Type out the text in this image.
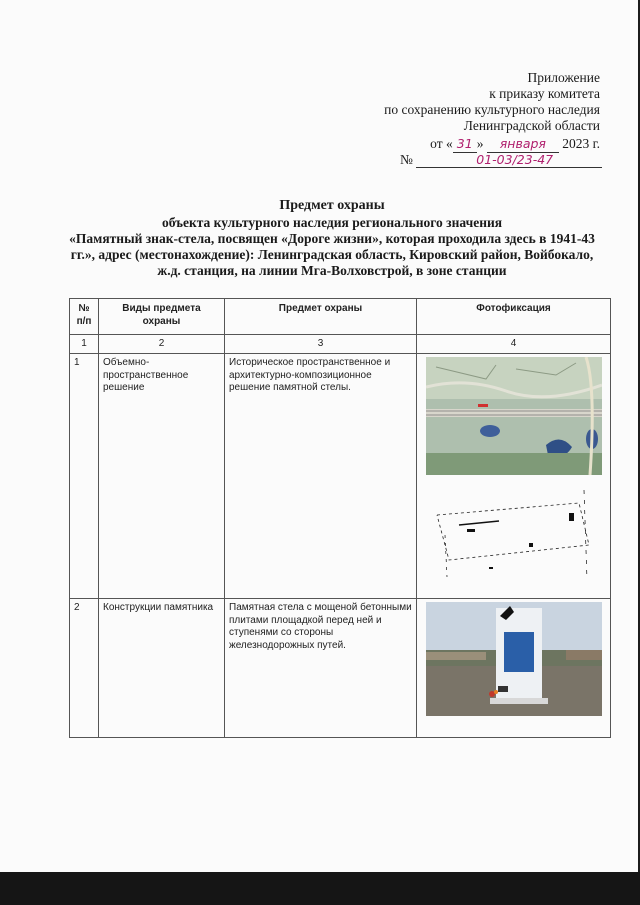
Приложение
к приказу комитета
по сохранению культурного наследия
Ленинградской области
от « 31 » января 2023 г.
№	01-03/23-47
Предмет охраны
объекта культурного наследия регионального значения
«Памятный знак-стела, посвящен «Дороге жизни», которая проходила здесь в 1941-43 гг.», адрес (местонахождение): Ленинградская область, Кировский район, Войбокало, ж.д. станция, на линии Мга-Волховстрой, в зоне станции
№ п/п	Виды предмета охраны	Предмет охраны	Фотофиксация
1	2	3	4
1	Объемно-пространственное решение	Историческое пространственное и архитектурно-композиционное решение памятной стелы.	

2	Конструкции памятника	Памятная стела с мощеной бетонными плитами площадкой перед ней и ступенями со стороны железнодорожных путей.	
